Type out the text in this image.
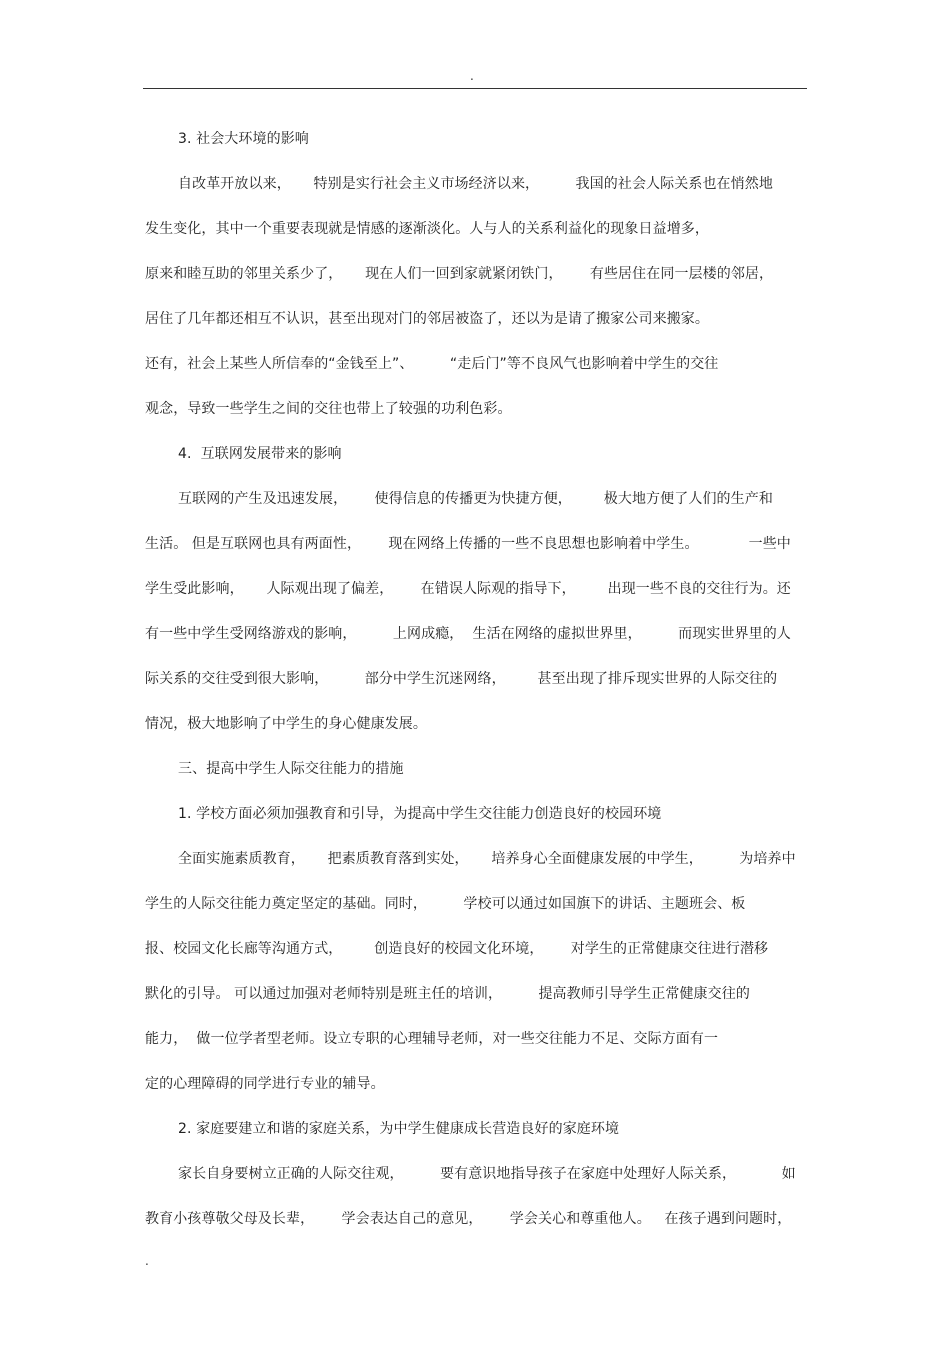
.
3. 社会大环境的影响
自改革开放以来，     特别是实行社会主义市场经济以来，        我国的社会人际关系也在悄然地
发生变化，其中一个重要表现就是情感的逐渐淡化。人与人的关系利益化的现象日益增多，
原来和睦互助的邻里关系少了，     现在人们一回到家就紧闭铁门，      有些居住在同一层楼的邻居，
居住了几年都还相互不认识，甚至出现对门的邻居被盗了，还以为是请了搬家公司来搬家。
还有，社会上某些人所信奉的“金钱至上”、        “走后门”等不良风气也影响着中学生的交往
观念，导致一些学生之间的交往也带上了较强的功利色彩。
4.  互联网发展带来的影响
互联网的产生及迅速发展，      使得信息的传播更为快捷方便，       极大地方便了人们的生产和
生活。 但是互联网也具有两面性，      现在网络上传播的一些不良思想也影响着中学生。           一些中
学生受此影响，     人际观出现了偏差，      在错误人际观的指导下，       出现一些不良的交往行为。还
有一些中学生受网络游戏的影响，        上网成瘾，  生活在网络的虚拟世界里，        而现实世界里的人
际关系的交往受到很大影响，        部分中学生沉迷网络，       甚至出现了排斥现实世界的人际交往的
情况，极大地影响了中学生的身心健康发展。
三、提高中学生人际交往能力的措施
1. 学校方面必须加强教育和引导，为提高中学生交往能力创造良好的校园环境
全面实施素质教育，     把素质教育落到实处，     培养身心全面健康发展的中学生，        为培养中
学生的人际交往能力奠定坚定的基础。同时，        学校可以通过如国旗下的讲话、主题班会、板
报、校园文化长廊等沟通方式，       创造良好的校园文化环境，      对学生的正常健康交往进行潜移
默化的引导。 可以通过加强对老师特别是班主任的培训，        提高教师引导学生正常健康交往的
能力，  做一位学者型老师。设立专职的心理辅导老师，对一些交往能力不足、交际方面有一
定的心理障碍的同学进行专业的辅导。
2. 家庭要建立和谐的家庭关系，为中学生健康成长营造良好的家庭环境
家长自身要树立正确的人际交往观，        要有意识地指导孩子在家庭中处理好人际关系，          如
教育小孩尊敬父母及长辈，      学会表达自己的意见，      学会关心和尊重他人。   在孩子遇到问题时，
.
